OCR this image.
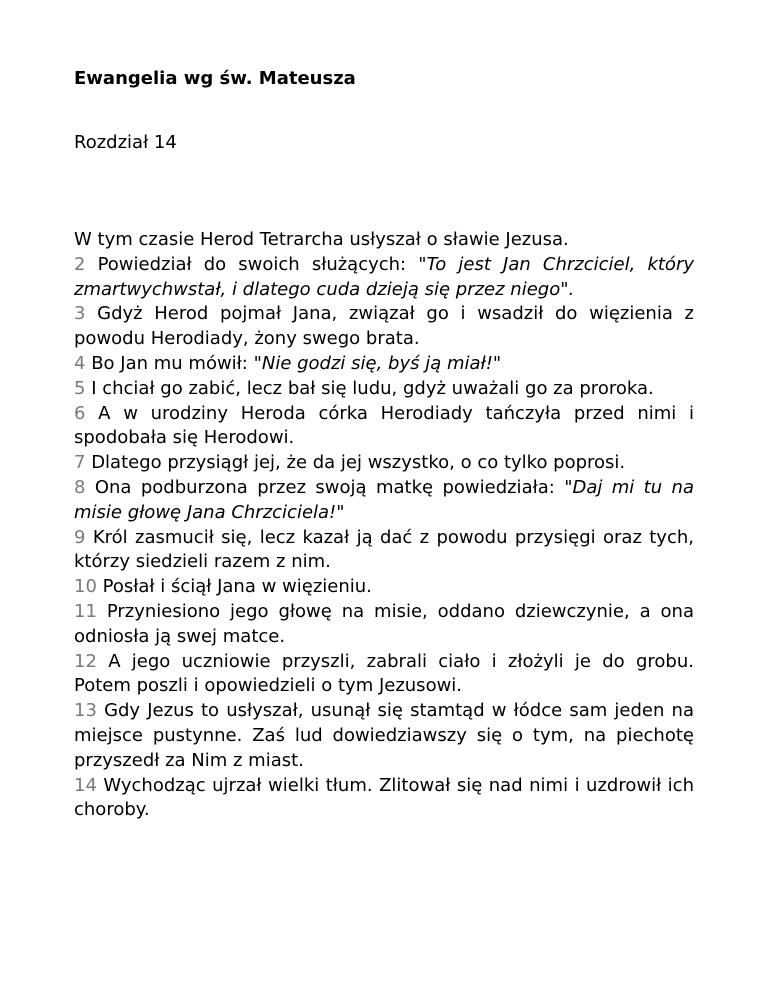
Ewangelia wg św. Mateusza

Rozdział 14

W tym czasie Herod Tetrarcha usłyszał o sławie Jezusa.

2 Powiedział do swoich służących: "To jest Jan Chrzciciel, który zmartwychwstał, i dlatego cuda dzieją się przez niego".

3 Gdyż Herod pojmał Jana, związał go i wsadził do więzienia z powodu Herodiady, żony swego brata.

4 Bo Jan mu mówił: "Nie godzi się, byś ją miał!"

5 I chciał go zabić, lecz bał się ludu, gdyż uważali go za proroka.

6 A w urodziny Heroda córka Herodiady tańczyła przed nimi i spodobała się Herodowi.

7 Dlatego przysiągł jej, że da jej wszystko, o co tylko poprosi.

8 Ona podburzona przez swoją matkę powiedziała: "Daj mi tu na misie głowę Jana Chrzciciela!"

9 Król zasmucił się, lecz kazał ją dać z powodu przysięgi oraz tych, którzy siedzieli razem z nim.

10 Posłał i ściął Jana w więzieniu.

11 Przyniesiono jego głowę na misie, oddano dziewczynie, a ona odniosła ją swej matce.

12 A jego uczniowie przyszli, zabrali ciało i złożyli je do grobu. Potem poszli i opowiedzieli o tym Jezusowi.

13 Gdy Jezus to usłyszał, usunął się stamtąd w łódce sam jeden na miejsce pustynne. Zaś lud dowiedziawszy się o tym, na piechotę przyszedł za Nim z miast.

14 Wychodząc ujrzał wielki tłum. Zlitował się nad nimi i uzdrowił ich choroby.
